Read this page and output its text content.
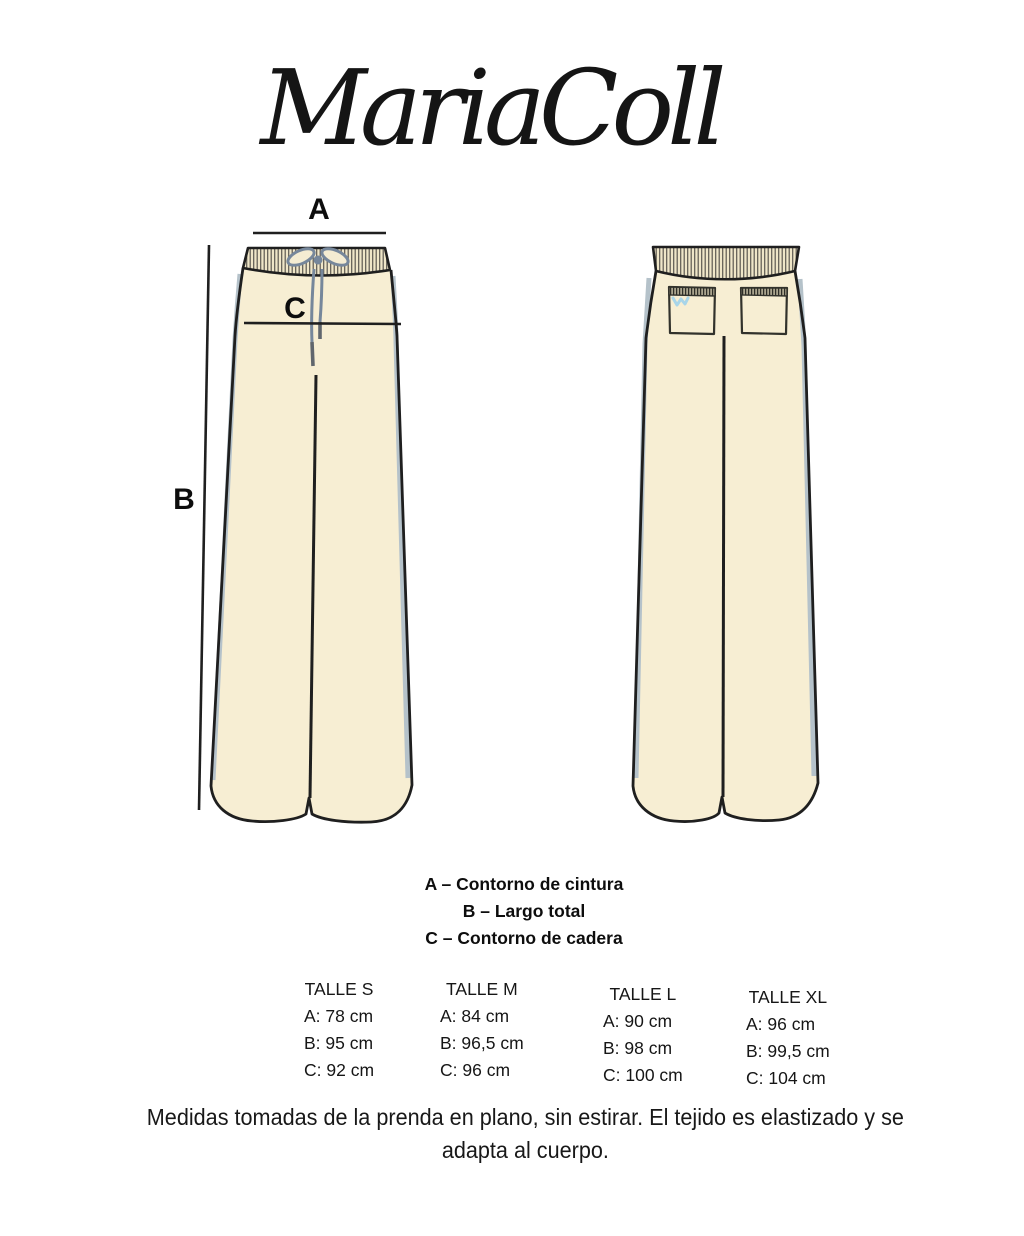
MariaColl
A
C
B
A – Contorno de cintura
B – Largo total
C – Contorno de cadera
TALLE S
A: 78 cm
B: 95 cm
C: 92 cm
TALLE M
A: 84 cm
B: 96,5 cm
C: 96 cm
TALLE L
A: 90 cm
B: 98 cm
C: 100 cm
TALLE XL
A: 96 cm
B: 99,5 cm
C: 104 cm
Medidas tomadas de la prenda en plano, sin estirar. El tejido es elastizado y se
adapta al cuerpo.
